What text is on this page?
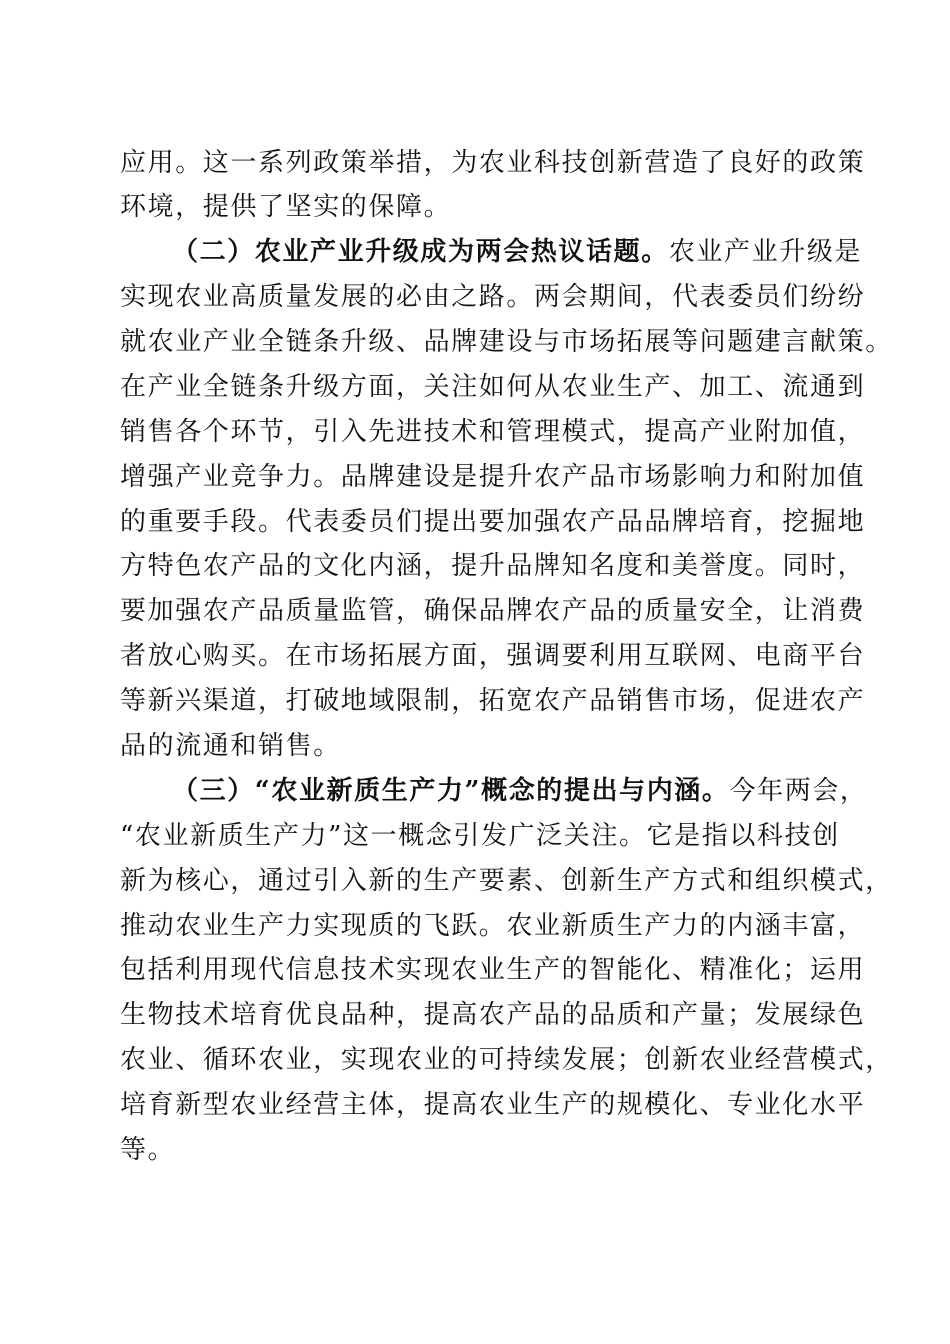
应用。这一系列政策举措，为农业科技创新营造了良好的政策
环境，提供了坚实的保障。
（二）农业产业升级成为两会热议话题。农业产业升级是
实现农业高质量发展的必由之路。两会期间，代表委员们纷纷
就农业产业全链条升级、品牌建设与市场拓展等问题建言献策。
在产业全链条升级方面，关注如何从农业生产、加工、流通到
销售各个环节，引入先进技术和管理模式，提高产业附加值，
增强产业竞争力。品牌建设是提升农产品市场影响力和附加值
的重要手段。代表委员们提出要加强农产品品牌培育，挖掘地
方特色农产品的文化内涵，提升品牌知名度和美誉度。同时，
要加强农产品质量监管，确保品牌农产品的质量安全，让消费
者放心购买。在市场拓展方面，强调要利用互联网、电商平台
等新兴渠道，打破地域限制，拓宽农产品销售市场，促进农产
品的流通和销售。
（三）“农业新质生产力”概念的提出与内涵。今年两会，
“农业新质生产力”这一概念引发广泛关注。它是指以科技创
新为核心，通过引入新的生产要素、创新生产方式和组织模式，
推动农业生产力实现质的飞跃。农业新质生产力的内涵丰富，
包括利用现代信息技术实现农业生产的智能化、精准化；运用
生物技术培育优良品种，提高农产品的品质和产量；发展绿色
农业、循环农业，实现农业的可持续发展；创新农业经营模式，
培育新型农业经营主体，提高农业生产的规模化、专业化水平
等。
